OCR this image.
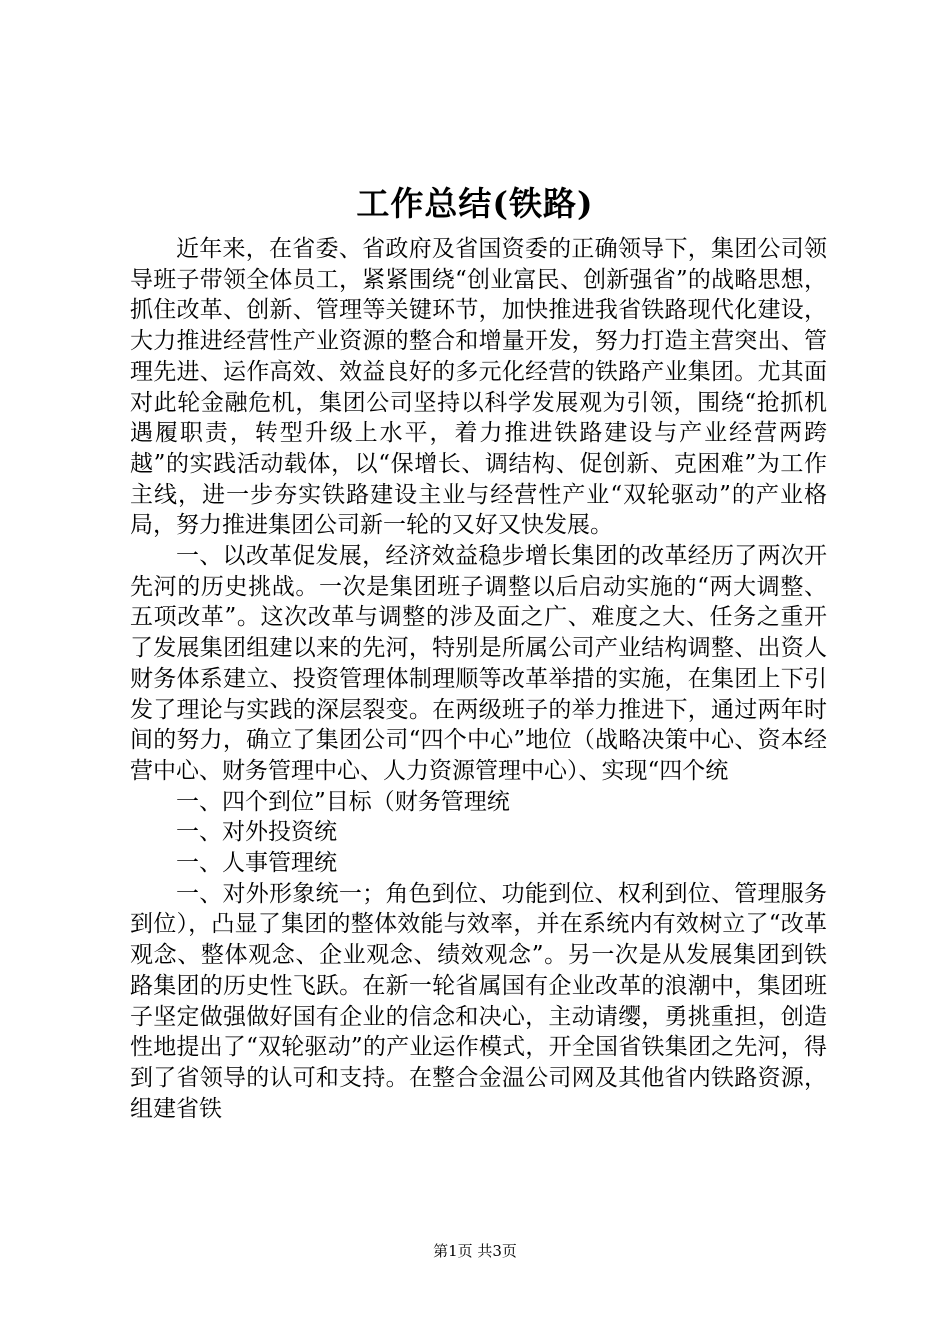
工作总结(铁路)

近年来，在省委、省政府及省国资委的正确领导下，集团公司领导班子带领全体员工，紧紧围绕“创业富民、创新强省”的战略思想，抓住改革、创新、管理等关键环节，加快推进我省铁路现代化建设，大力推进经营性产业资源的整合和增量开发，努力打造主营突出、管理先进、运作高效、效益良好的多元化经营的铁路产业集团。尤其面对此轮金融危机，集团公司坚持以科学发展观为引领，围绕“抢抓机遇履职责，转型升级上水平，着力推进铁路建设与产业经营两跨越”的实践活动载体，以“保增长、调结构、促创新、克困难”为工作主线，进一步夯实铁路建设主业与经营性产业“双轮驱动”的产业格局，努力推进集团公司新一轮的又好又快发展。

一、以改革促发展，经济效益稳步增长集团的改革经历了两次开先河的历史挑战。一次是集团班子调整以后启动实施的“两大调整、五项改革”。这次改革与调整的涉及面之广、难度之大、任务之重开了发展集团组建以来的先河，特别是所属公司产业结构调整、出资人财务体系建立、投资管理体制理顺等改革举措的实施，在集团上下引发了理论与实践的深层裂变。在两级班子的举力推进下，通过两年时间的努力，确立了集团公司“四个中心”地位（战略决策中心、资本经营中心、财务管理中心、人力资源管理中心）、实现“四个统

一、四个到位”目标（财务管理统

一、对外投资统

一、人事管理统

一、对外形象统一；角色到位、功能到位、权利到位、管理服务到位），凸显了集团的整体效能与效率，并在系统内有效树立了“改革观念、整体观念、企业观念、绩效观念”。另一次是从发展集团到铁路集团的历史性飞跃。在新一轮省属国有企业改革的浪潮中，集团班子坚定做强做好国有企业的信念和决心，主动请缨，勇挑重担，创造性地提出了“双轮驱动”的产业运作模式，开全国省铁集团之先河，得到了省领导的认可和支持。在整合金温公司网及其他省内铁路资源，组建省铁

第1页 共3页
